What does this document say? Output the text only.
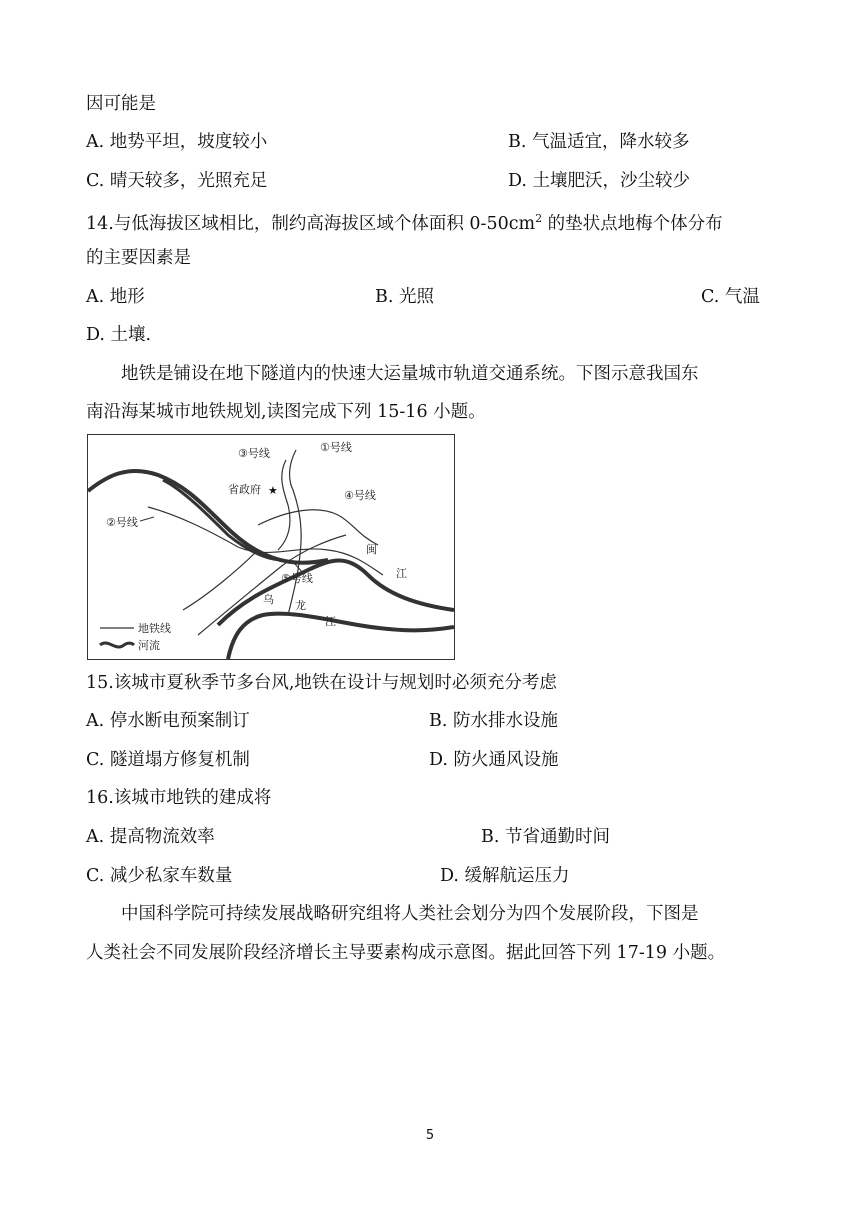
因可能是
A. 地势平坦，坡度较小	B. 气温适宜，降水较多
C. 晴天较多，光照充足	D. 土壤肥沃，沙尘较少
14.与低海拔区域相比，制约高海拔区域个体面积 $0-50cm^2$ 的垫状点地梅个体分布
的主要因素是
A. 地形	B. 光照	C. 气温
D. 土壤.
地铁是铺设在地下隧道内的快速大运量城市轨道交通系统。下图示意我国东
南沿海某城市地铁规划,读图完成下列 15-16 小题。
③号线	①号线
省政府 ★	④号线
②号线
⑤号线
闽
江
乌 龙
江
地铁线
河流
15.该城市夏秋季节多台风,地铁在设计与规划时必须充分考虑
A. 停水断电预案制订	B. 防水排水设施
C. 隧道塌方修复机制	D. 防火通风设施
16.该城市地铁的建成将
A. 提高物流效率	B. 节省通勤时间
C. 减少私家车数量	D. 缓解航运压力
中国科学院可持续发展战略研究组将人类社会划分为四个发展阶段，下图是
人类社会不同发展阶段经济增长主导要素构成示意图。据此回答下列 17-19 小题。
5
